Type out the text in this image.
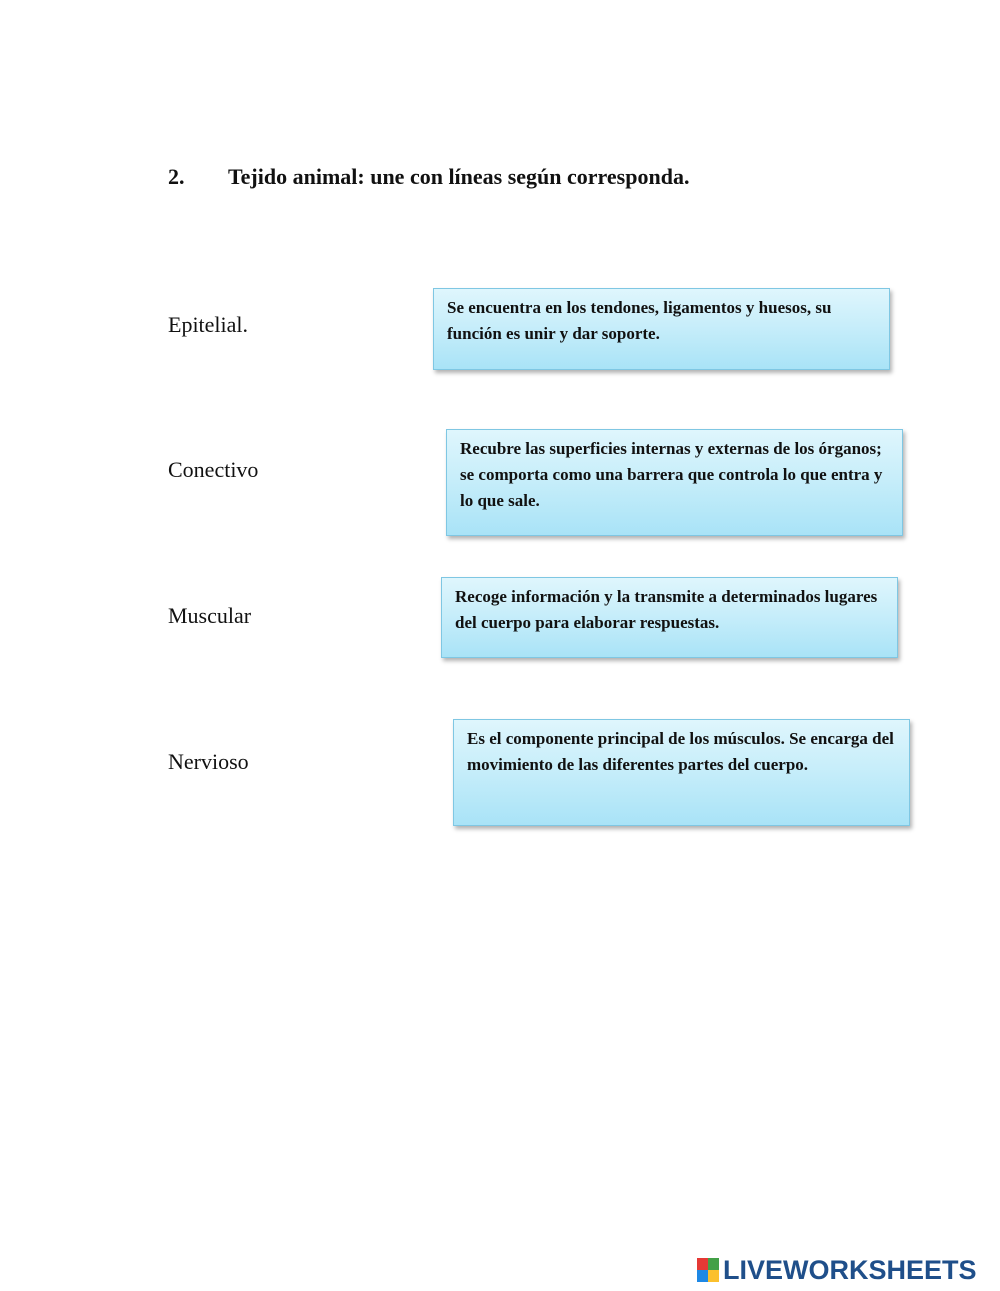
2. Tejido animal: une con líneas según corresponda.
Epitelial.
Conectivo
Muscular
Nervioso
Se encuentra en los tendones, ligamentos y huesos, su función es unir y dar soporte.
Recubre las superficies internas y externas de los órganos; se comporta como una barrera que controla lo que entra y lo que sale.
Recoge información y la transmite a determinados lugares del cuerpo para elaborar respuestas.
Es el componente principal de los músculos. Se encarga del movimiento de las diferentes partes del cuerpo.
LIVEWORKSHEETS
